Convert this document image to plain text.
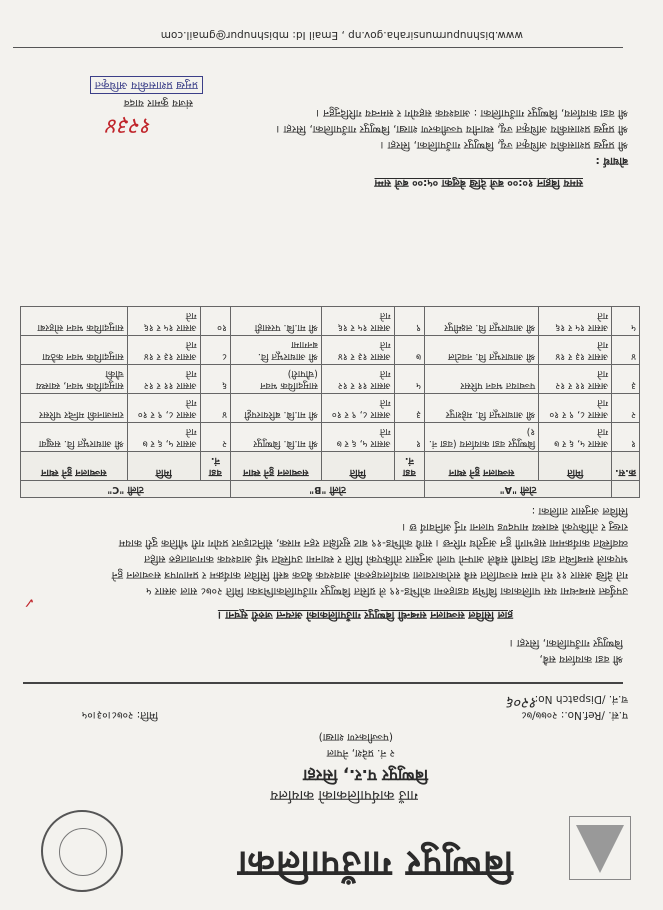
बिष्णुपुर गाउँपालिका
गाउँ कार्यपालिकाको कार्यालय
बिष्णुपुर प.र., सिरहा
२ नं. प्रदेश, नेपाल
(पञ्जीकरण शाखा)
प.सं. /Ref.No.: २०७७/७८
च.नं. /Dispatch No:
१२०६
मिति: २०७८।०३।०५
श्री वडा कार्यालय सबै,
बिष्णुपुर गाउँपालिका, सिरहा ।
हाल सिविल सञ्चालन सम्बन्धी बिष्णुपुर गाउँपालिकाको अत्यन्त जरुरी सूचना ।
उपर्युक्त सम्बन्धमा यस पालिकाका बिभिन्न वडाहरुमा कोभिड-१९ ले ग्रसित बिष्णुपुर गाउँपालिकाभित्रका मिति २०७८ साल असार ५
गते देखि असार ११ गते सम्म सञ्चालित सबै सरोकारवाला कार्यालयहरुको आवश्यक बैठक बसी सिविल कार्यक्रम र प्रमाणपत्र सञ्चालन हुने
भएकाले सम्बन्धित वडा निवासी सबैले आफ्नो पालो अनुसार तोकिएको मिति र स्थानमा उपस्थित भई आवश्यक कागजातहरु सहित
व्यवस्थित कार्यक्रममा सहभागी हुन अनुरोध गरिन्छ । साथै कोभिड-१९ बाट सुरक्षित रहन मास्क, सेनिटाइजर प्रयोग गरी भौतिक दुरी कायम
राख्नु र तोकिएको स्वास्थ्य मापदण्ड पालना गर्नु अनिवार्य छ ।
सिविल अनुसार तालिका :
✓
	टोली "A"		टोली "B"			टोली "C"		
क्र.स.	मिति	सञ्चालन हुने स्थान	वडा नं.	मिति	सञ्चालन हुने स्थान	वडा नं.	मिति	सञ्चालन हुने स्थान
१	असार ५, ६ र ७ गते	बिष्णुपुर वडा कार्यालय (वडा नं. १)	१	असार ५, ६ र ७ गते	श्री मा.बि. बिष्णुपुर	२	असार ५, ६ र ७ गते	श्री आधारभूत वि. सखुवा
२	असार ८, ९ र १० गते	श्री आधारभूत वि. महेशपुर	३	असार ८, ९ र १० गते	श्री मा.बि. बरियारपट्टी	४	असार ८, ९ र १० गते	रामजानकी मन्दिर परिसर
३	असार ११ र १२ गते	पञ्चायत भवन परिसर	५	असार ११ र १२ गते	सामुदायिक भवन (चौपारी)	६	असार ११ र १२ गते	सामुदायिक भवन, स्वास्थ्य चौकी
४	असार १३ र १४ गते	श्री आधारभूत वि. नवटोल	७	असार १३ र १४ गते	श्री आधारभूत वि. बनगामा	८	असार १३ र १४ गते	सामुदायिक भवन कठैया
५	असार १५ र १६ गते	श्री आधारभूत वि. लक्ष्मीपुर	९	असार १५ र १६ गते	श्री मा.बि. परसाही	१०	असार १५ र १६ गते	सामुदायिक भवन सोहरबा
समय बिहान १०:०० बजे देखि बेलुका ०५:०० बजे सम्म
बोधार्थ :
श्री प्रमुख प्रशासकीय अधिकृत ज्यू, बिष्णुपुर गाउँपालिका, सिरहा ।
श्री प्रमुख प्रशासकीय अधिकृत ज्यू, स्थानीय पञ्जीकरण शाखा, बिष्णुपुर गाउँपालिका, सिरहा ।
श्री वडा कार्यालय, बिष्णुपुर गाउँपालिका : आवश्यक सहयोग र समन्वय गरिदिनुहुन ।
१२३४
संजय कुमार यादव
प्रमुख प्रशासकीय अधिकृत
www.bishnupurmunsiraha.gov.np , Email Id: mbishnupur@gmail.com
